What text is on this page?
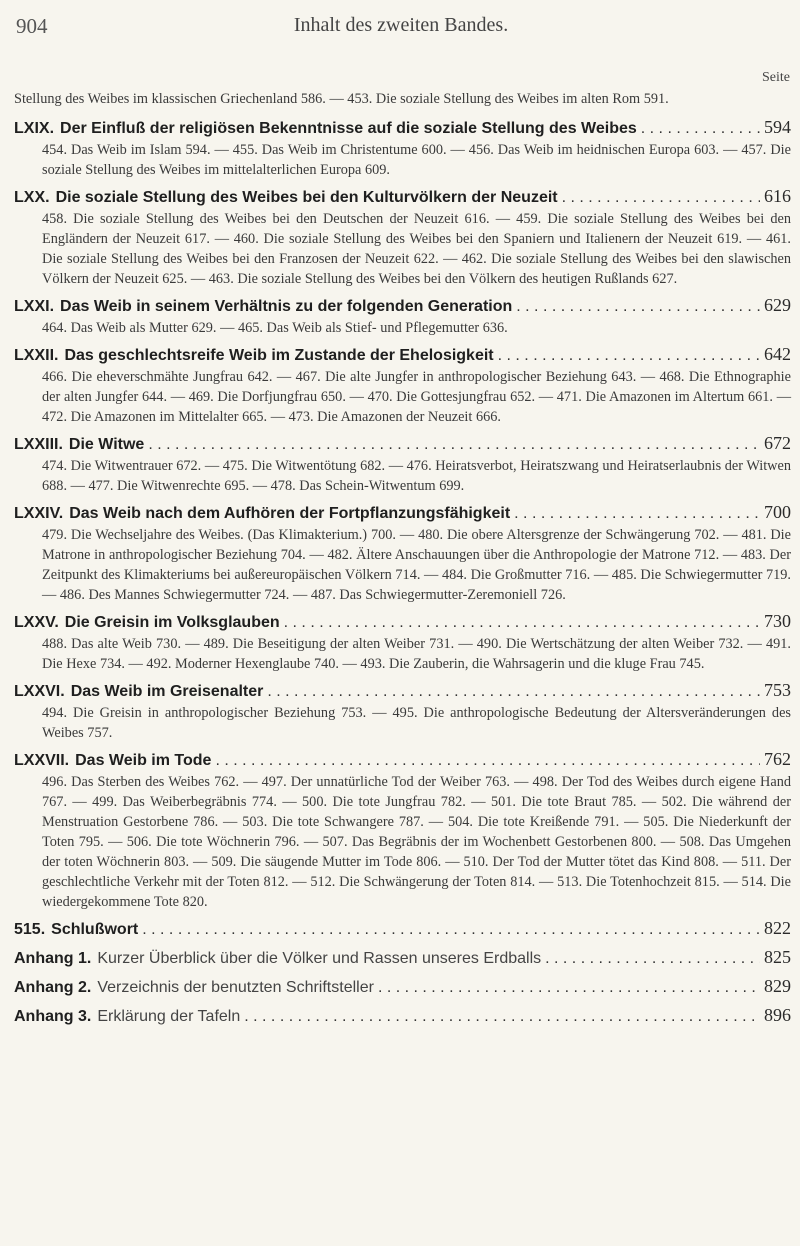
904	Inhalt des zweiten Bandes.
Seite
Stellung des Weibes im klassischen Griechenland 586. — 453. Die soziale Stellung des Weibes im alten Rom 591.
LXIX. Der Einfluß der religiösen Bekenntnisse auf die soziale Stellung des Weibes . . .	594
454. Das Weib im Islam 594. — 455. Das Weib im Christentume 600. — 456. Das Weib im heidnischen Europa 603. — 457. Die soziale Stellung des Weibes im mittelalterlichen Europa 609.
LXX. Die soziale Stellung des Weibes bei den Kulturvölkern der Neuzeit . . .	616
458. Die soziale Stellung des Weibes bei den Deutschen der Neuzeit 616. — 459. Die soziale Stellung des Weibes bei den Engländern der Neuzeit 617. — 460. Die soziale Stellung des Weibes bei den Spaniern und Italienern der Neuzeit 619. — 461. Die soziale Stellung des Weibes bei den Franzosen der Neuzeit 622. — 462. Die soziale Stellung des Weibes bei den slawischen Völkern der Neuzeit 625. — 463. Die soziale Stellung des Weibes bei den Völkern des heutigen Rußlands 627.
LXXI. Das Weib in seinem Verhältnis zu der folgenden Generation . . .	629
464. Das Weib als Mutter 629. — 465. Das Weib als Stief- und Pflegemutter 636.
LXXII. Das geschlechtsreife Weib im Zustande der Ehelosigkeit . . .	642
466. Die eheverschmähte Jungfrau 642. — 467. Die alte Jungfer in anthropologischer Beziehung 643. — 468. Die Ethnographie der alten Jungfer 644. — 469. Die Dorfjungfrau 650. — 470. Die Gottesjungfrau 652. — 471. Die Amazonen im Altertum 661. — 472. Die Amazonen im Mittelalter 665. — 473. Die Amazonen der Neuzeit 666.
LXXIII. Die Witwe . . .	672
474. Die Witwentrauer 672. — 475. Die Witwentötung 682. — 476. Heiratsverbot, Heiratszwang und Heiratserlaubnis der Witwen 688. — 477. Die Witwenrechte 695. — 478. Das Schein-Witwentum 699.
LXXIV. Das Weib nach dem Aufhören der Fortpflanzungsfähigkeit . . .	700
479. Die Wechseljahre des Weibes. (Das Klimakterium.) 700. — 480. Die obere Altersgrenze der Schwängerung 702. — 481. Die Matrone in anthropologischer Beziehung 704. — 482. Ältere Anschauungen über die Anthropologie der Matrone 712. — 483. Der Zeitpunkt des Klimakteriums bei außereuropäischen Völkern 714. — 484. Die Großmutter 716. — 485. Die Schwiegermutter 719. — 486. Des Mannes Schwiegermutter 724. — 487. Das Schwiegermutter-Zeremoniell 726.
LXXV. Die Greisin im Volksglauben . . .	730
488. Das alte Weib 730. — 489. Die Beseitigung der alten Weiber 731. — 490. Die Wertschätzung der alten Weiber 732. — 491. Die Hexe 734. — 492. Moderner Hexenglaube 740. — 493. Die Zauberin, die Wahrsagerin und die kluge Frau 745.
LXXVI. Das Weib im Greisenalter . . .	753
494. Die Greisin in anthropologischer Beziehung 753. — 495. Die anthropologische Bedeutung der Altersveränderungen des Weibes 757.
LXXVII. Das Weib im Tode . . .	762
496. Das Sterben des Weibes 762. — 497. Der unnatürliche Tod der Weiber 763. — 498. Der Tod des Weibes durch eigene Hand 767. — 499. Das Weiberbegräbnis 774. — 500. Die tote Jungfrau 782. — 501. Die tote Braut 785. — 502. Die während der Menstruation Gestorbene 786. — 503. Die tote Schwangere 787. — 504. Die tote Kreißende 791. — 505. Die Niederkunft der Toten 795. — 506. Die tote Wöchnerin 796. — 507. Das Begräbnis der im Wochenbett Gestorbenen 800. — 508. Das Umgehen der toten Wöchnerin 803. — 509. Die säugende Mutter im Tode 806. — 510. Der Tod der Mutter tötet das Kind 808. — 511. Der geschlechtliche Verkehr mit der Toten 812. — 512. Die Schwängerung der Toten 814. — 513. Die Totenhochzeit 815. — 514. Die wiedergekommene Tote 820.
515. Schlußwort . . .	822
Anhang 1. Kurzer Überblick über die Völker und Rassen unseres Erdballs . . .	825
Anhang 2. Verzeichnis der benutzten Schriftsteller . . .	829
Anhang 3. Erklärung der Tafeln . . .	896
